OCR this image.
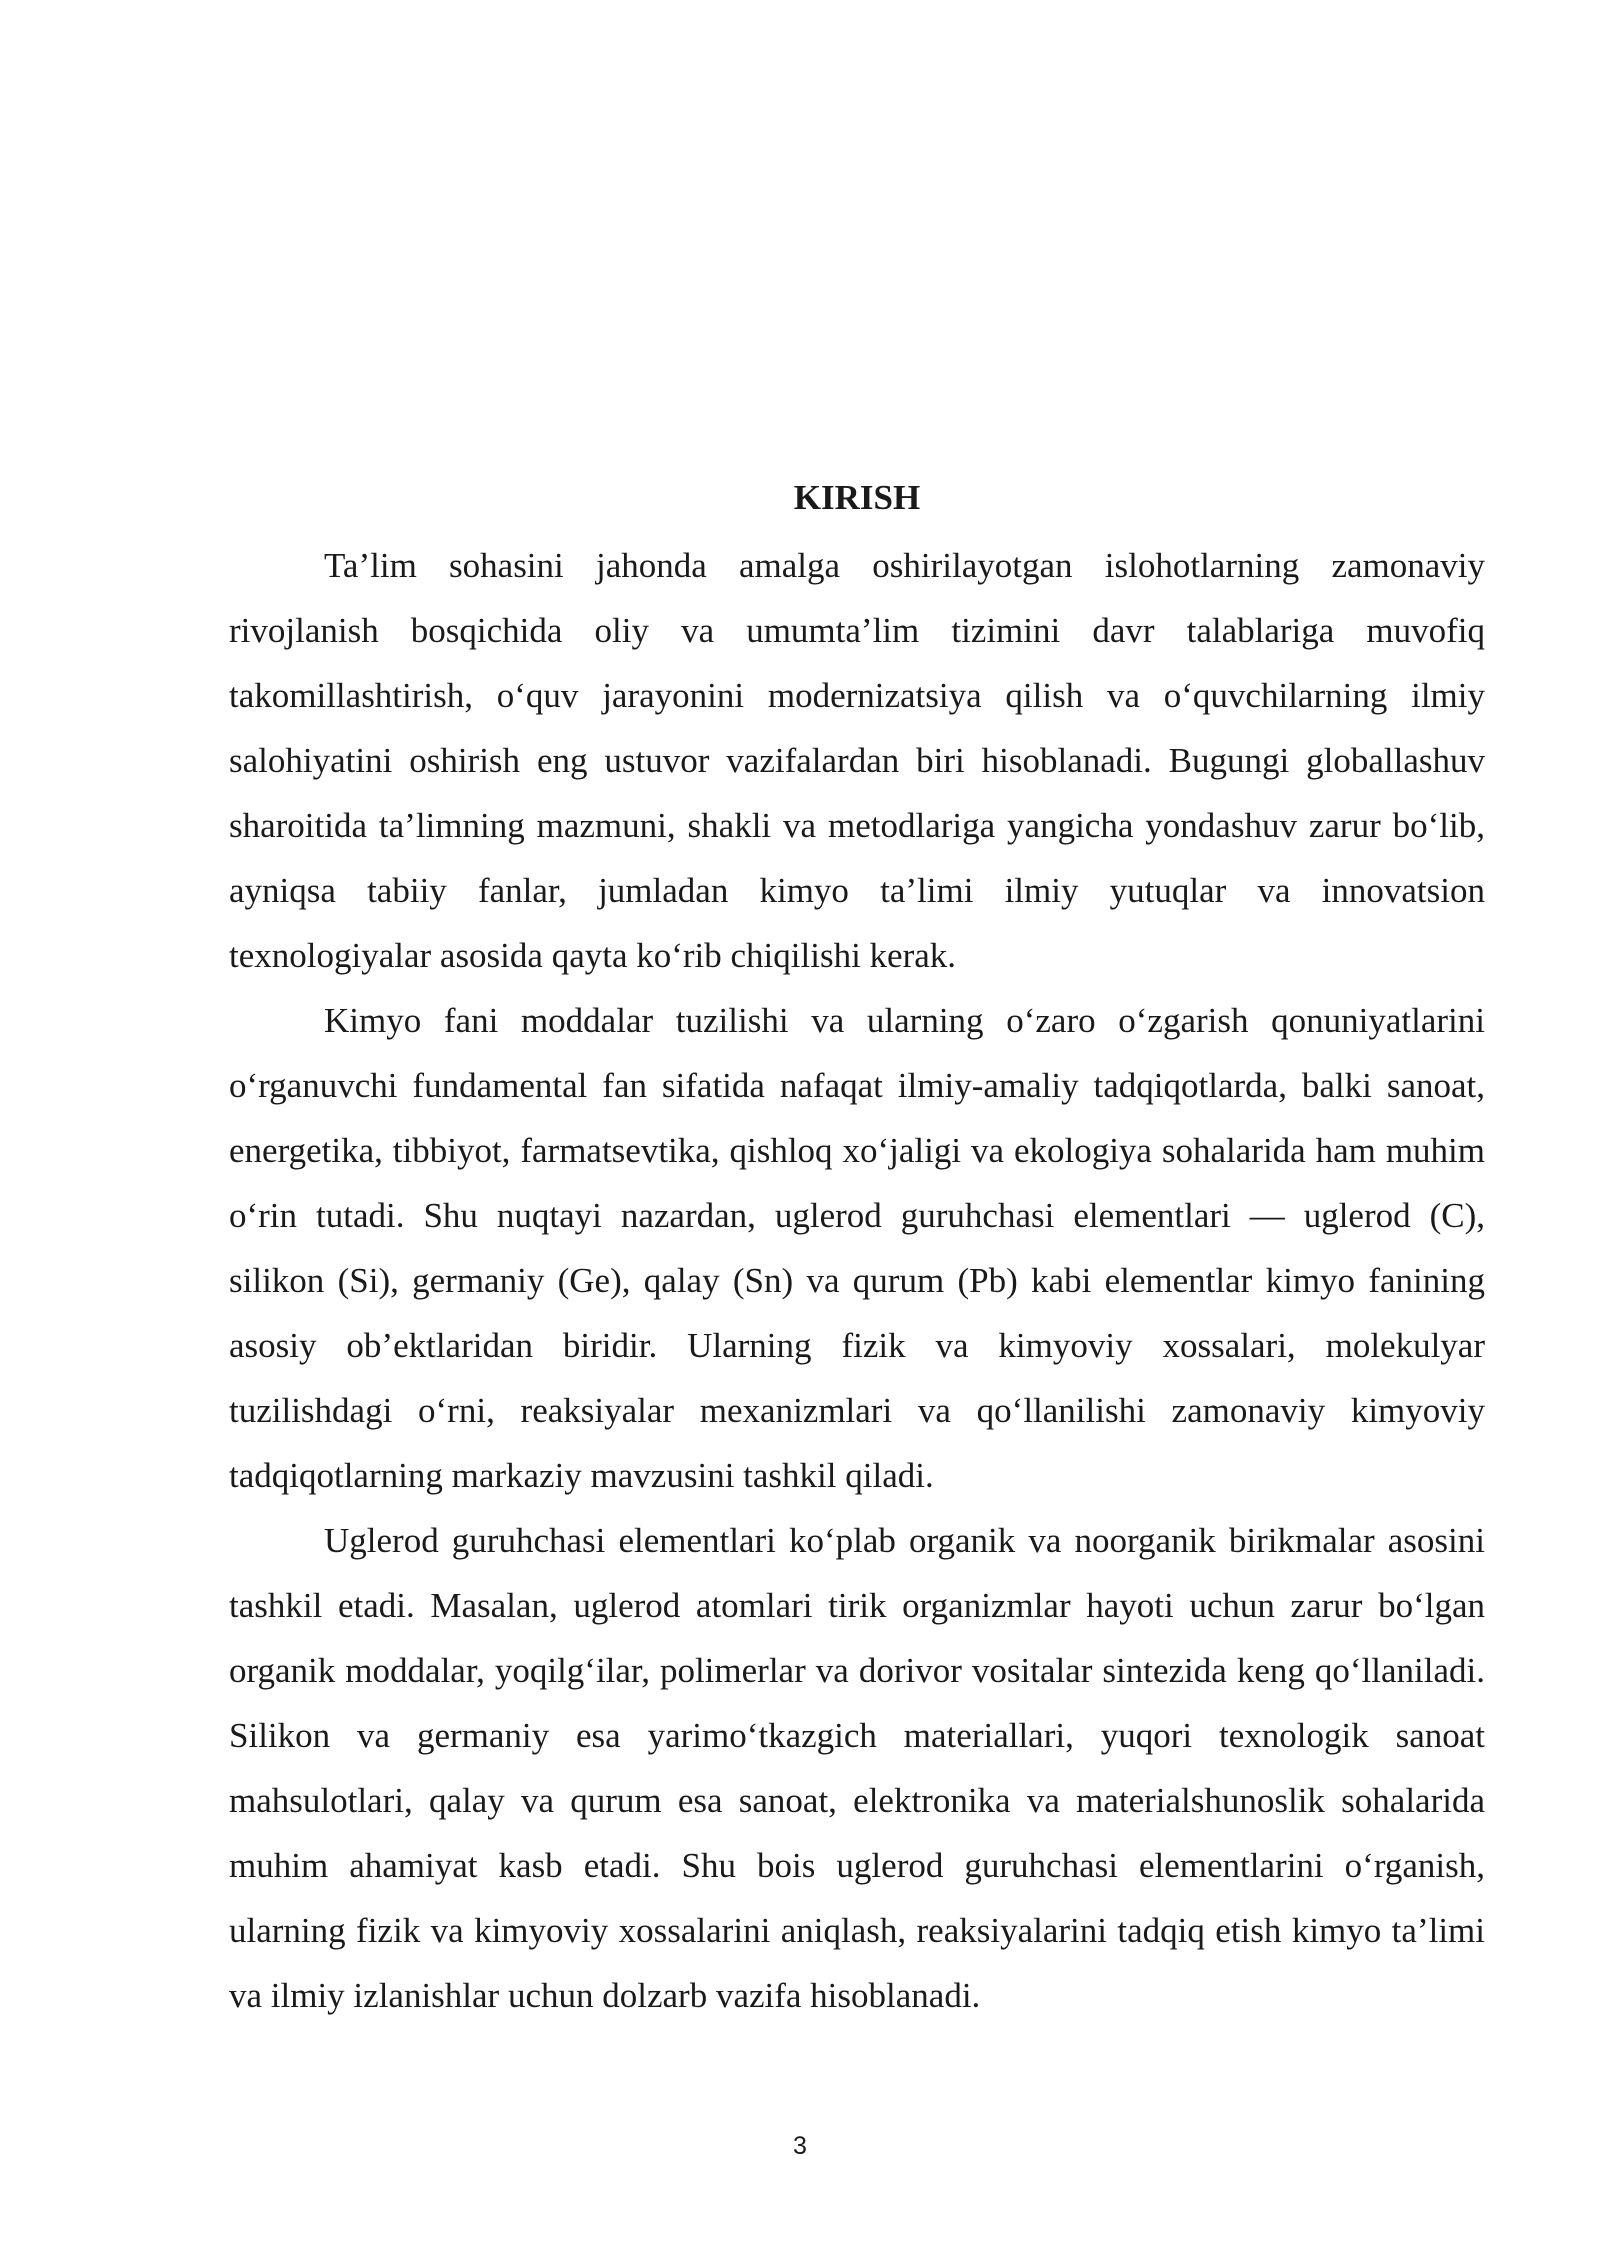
KIRISH

Ta’lim sohasini jahonda amalga oshirilayotgan islohotlarning zamonaviy rivojlanish bosqichida oliy va umumta’lim tizimini davr talablariga muvofiq takomillashtirish, o‘quv jarayonini modernizatsiya qilish va o‘quvchilarning ilmiy salohiyatini oshirish eng ustuvor vazifalardan biri hisoblanadi. Bugungi globallashuv sharoitida ta’limning mazmuni, shakli va metodlariga yangicha yondashuv zarur bo‘lib, ayniqsa tabiiy fanlar, jumladan kimyo ta’limi ilmiy yutuqlar va innovatsion texnologiyalar asosida qayta ko‘rib chiqilishi kerak.

Kimyo fani moddalar tuzilishi va ularning o‘zaro o‘zgarish qonuniyatlarini o‘rganuvchi fundamental fan sifatida nafaqat ilmiy-amaliy tadqiqotlarda, balki sanoat, energetika, tibbiyot, farmatsevtika, qishloq xo‘jaligi va ekologiya sohalarida ham muhim o‘rin tutadi. Shu nuqtayi nazardan, uglerod guruhchasi elementlari — uglerod (C), silikon (Si), germaniy (Ge), qalay (Sn) va qurum (Pb) kabi elementlar kimyo fanining asosiy ob’ektlaridan biridir. Ularning fizik va kimyoviy xossalari, molekulyar tuzilishdagi o‘rni, reaksiyalar mexanizmlari va qo‘llanilishi zamonaviy kimyoviy tadqiqotlarning markaziy mavzusini tashkil qiladi.

Uglerod guruhchasi elementlari ko‘plab organik va noorganik birikmalar asosini tashkil etadi. Masalan, uglerod atomlari tirik organizmlar hayoti uchun zarur bo‘lgan organik moddalar, yoqilg‘ilar, polimerlar va dorivor vositalar sintezida keng qo‘llaniladi. Silikon va germaniy esa yarimo‘tkazgich materiallari, yuqori texnologik sanoat mahsulotlari, qalay va qurum esa sanoat, elektronika va materialshunoslik sohalarida muhim ahamiyat kasb etadi. Shu bois uglerod guruhchasi elementlarini o‘rganish, ularning fizik va kimyoviy xossalarini aniqlash, reaksiyalarini tadqiq etish kimyo ta’limi va ilmiy izlanishlar uchun dolzarb vazifa hisoblanadi.

3
